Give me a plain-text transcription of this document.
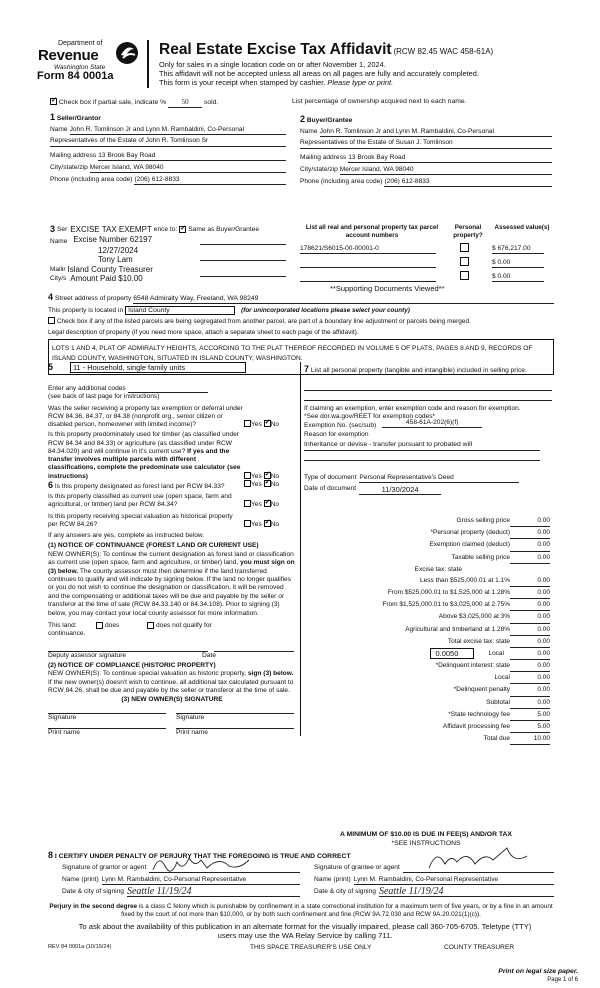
Department of
Revenue
Washington State
Form 84 0001a
Real Estate Excise Tax Affidavit (RCW 82.45 WAC 458-61A)
Only for sales in a single location code on or after November 1, 2024.
This affidavit will not be accepted unless all areas on all pages are fully and accurately completed.
This form is your receipt when stamped by cashier. Please type or print.
✓ Check box if partial sale, indicate % 50 sold.	List percentage of ownership acquired next to each name.
1 Seller/Grantor
Name John R. Tomlinson Jr and Lynn M. Rambaldini, Co-Personal
Representatives of the Estate of John R. Tomlinson Sr
Mailing address 13 Brook Bay Road
City/state/zip Mercer Island, WA 98040
Phone (including area code) (206) 612-8833
2 Buyer/Grantee
Name John R. Tomlinson Jr and Lynn M. Rambaldini, Co-Personal
Representatives of the Estate of Susan J. Tomlinson
Mailing address 13 Brook Bay Road
City/state/zip Mercer Island, WA 98040
Phone (including area code) (206) 612-8833
3 Ser EXCISE TAX EXEMPT ence to: ✓ Same as Buyer/Grantee
Name Excise Number 62197
12/27/2024
Tony Lam
Mailir Island County Treasurer
City/s Amount Paid $10.00
List all real and personal property tax parcel account numbers
Personal property?
Assessed value(s)
178621/S6015-00-00001-0	$ 676,217.00
$ 0.00
$ 0.00
**Supporting Documents Viewed**
4 Street address of property 6548 Admiralty Way, Freeland, WA 98249
This property is located in Island County	(for unincorporated locations please select your county)
Check box if any of the listed parcels are being segregated from another parcel, are part of a boundary line adjustment or parcels being merged.
Legal description of property (if you need more space, attach a separate sheet to each page of the affidavit).
LOTS 1 AND 4, PLAT OF ADMIRALTY HEIGHTS, ACCORDING TO THE PLAT THEREOF RECORDED IN VOLUME 5 OF PLATS, PAGES 8 AND 9, RECORDS OF ISLAND COUNTY, WASHINGTON, SITUATED IN ISLAND COUNTY, WASHINGTON.
5	11 - Household, single family units
Enter any additional codes
(see back of last page for instructions)
Was the seller receiving a property tax exemption or deferral under RCW 84.36, 84.37, or 84.38 (nonprofit org., senior citizen or disabled person, homeowner with limited income)?	Yes ✓ No
Is this property predominately used for timber (as classified under RCW 84.34 and 84.33) or agriculture (as classified under RCW 84.34.020) and will continue in it's current use? If yes and the transfer involves multiple parcels with different classifications, complete the predominate use calculator (see instructions)	Yes ✓ No
6 Is this property designated as forest land per RCW 84.33?	Yes ✓ No
Is this property classified as current use (open space, farm and agricultural, or timber) land per RCW 84.34?	Yes ✓ No
Is this property receiving special valuation as historical property per RCW 84.26?	Yes ✓ No
If any answers are yes, complete as instructed below.
(1) NOTICE OF CONTINUANCE (FOREST LAND OR CURRENT USE)
NEW OWNER(S): To continue the current designation as forest land or classification as current use (open space, farm and agriculture, or timber) land, you must sign on (3) below. The county assessor must then determine if the land transferred continues to qualify and will indicate by signing below. If the land no longer qualifies or you do not wish to continue the designation or classification, it will be removed and the compensating or additional taxes will be due and payable by the seller or transferor at the time of sale (RCW 84.33.140 or 84.34.108). Prior to signing (3) below, you may contact your local county assessor for more information.
This land:	does	does not qualify for
continuance.
Deputy assessor signature	Date
(2) NOTICE OF COMPLIANCE (HISTORIC PROPERTY)
NEW OWNER(S): To continue special valuation as historic property, sign (3) below. If the new owner(s) doesn't wish to continue, all additional tax calculated pursuant to RCW 84.26, shall be due and payable by the seller or transferor at the time of sale.
(3) NEW OWNER(S) SIGNATURE
Signature	Signature
Print name	Print name
7 List all personal property (tangible and intangible) included in selling price.
If claiming an exemption, enter exemption code and reason for exemption. *See dor.wa.gov/REET for exemption codes*
Exemption No. (sec/sub)	458-61A-202(6)(f)
Reason for exemption
Inheritance or devise - transfer pursuant to probated will
Type of document Personal Representative's Deed
Date of document	11/30/2024
Gross selling price	0.00
*Personal property (deduct)	0.00
Exemption claimed (deduct)	0.00
Taxable selling price	0.00
Excise tax: state
Less than $525,000.01 at 1.1%	0.00
From $525,000.01 to $1,525,000 at 1.28%	0.00
From $1,525,000.01 to $3,025,000 at 2.75%	0.00
Above $3,025,000 at 3%	0.00
Agricultural and timberland at 1.28%	0.00
Total excise tax: state	0.00
0.0050	Local	0.00
*Delinquent interest: state	0.00
Local	0.00
*Delinquent penalty	0.00
Subtotal	0.00
*State technology fee	5.00
Affidavit processing fee	5.00
Total due	10.00
A MINIMUM OF $10.00 IS DUE IN FEE(S) AND/OR TAX
*SEE INSTRUCTIONS
8 I CERTIFY UNDER PENALTY OF PERJURY THAT THE FOREGOING IS TRUE AND CORRECT
Signature of grantor or agent	Signature of grantee or agent
Name (print) Lynn M. Rambaldini, Co-Personal Representative	Name (print) Lynn M. Rambaldini, Co-Personal Representative
Date & city of signing Seattle 11/19/24	Date & city of signing Seattle 11/19/24
Perjury in the second degree is a class C felony which is punishable by confinement in a state correctional institution for a maximum term of five years, or by a fine in an amount fixed by the court of not more than $10,000, or by both such confinement and fine (RCW 9A.72.030 and RCW 9A.20.021(1)(c)).
To ask about the availability of this publication in an alternate format for the visually impaired, please call 360-705-6705. Teletype (TTY) users may use the WA Relay Service by calling 711.
REV 84 0001a (10/15/24)	THIS SPACE TREASURER'S USE ONLY	COUNTY TREASURER
Print on legal size paper.
Page 1 of 6
